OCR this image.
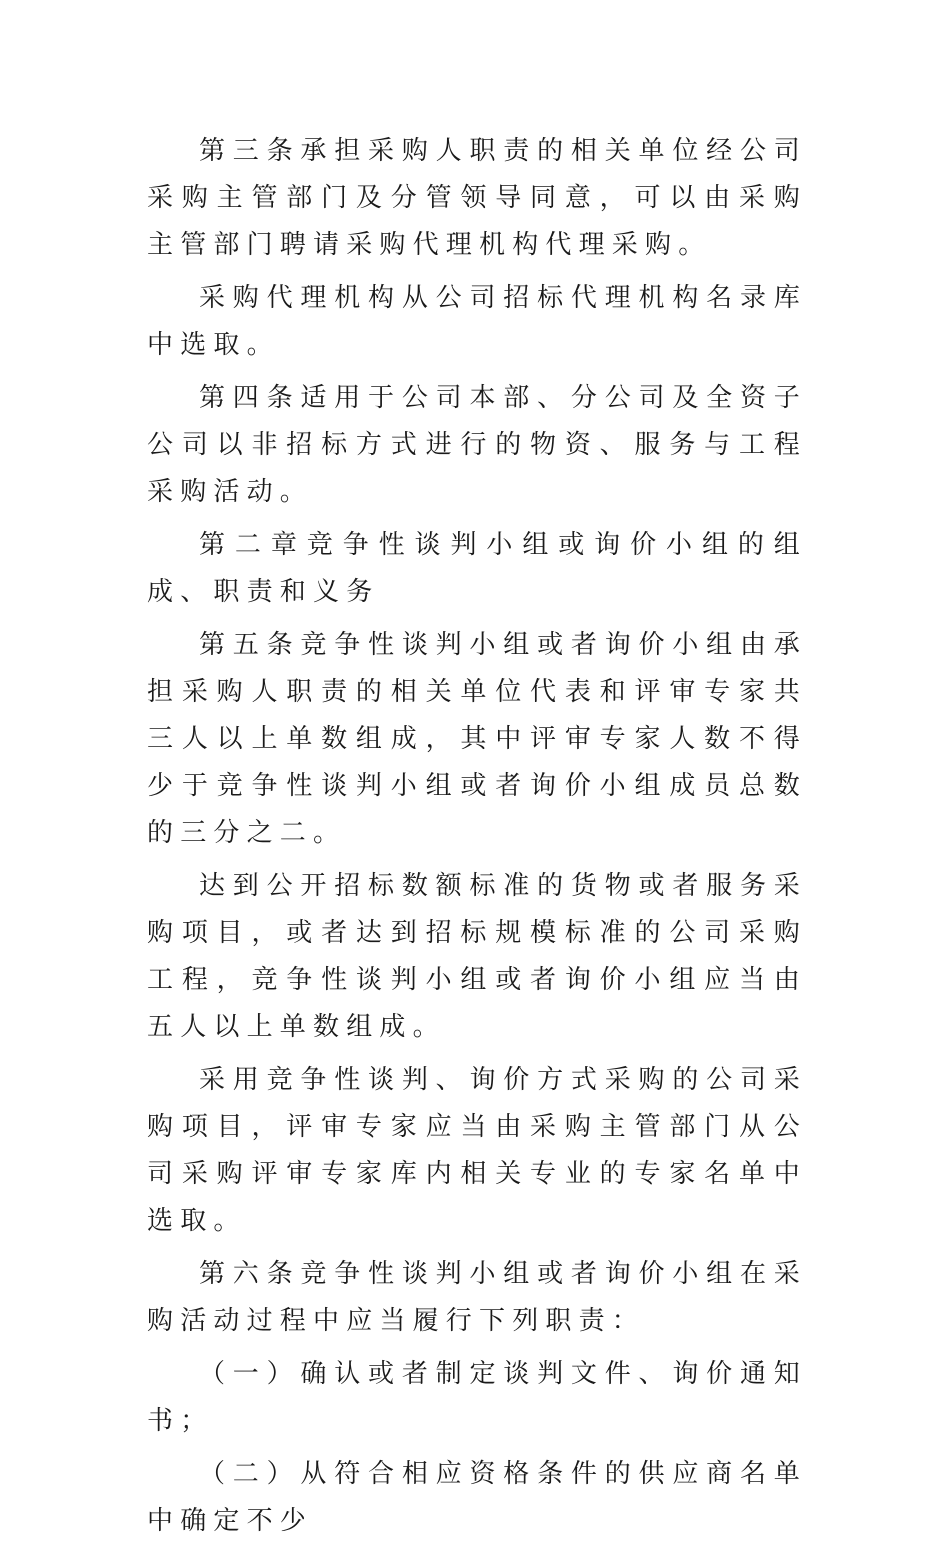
第三条承担采购人职责的相关单位经公司采购主管部门及分管领导同意，可以由采购主管部门聘请采购代理机构代理采购。

采购代理机构从公司招标代理机构名录库中选取。

第四条适用于公司本部、分公司及全资子公司以非招标方式进行的物资、服务与工程采购活动。

第二章竞争性谈判小组或询价小组的组成、职责和义务

第五条竞争性谈判小组或者询价小组由承担采购人职责的相关单位代表和评审专家共三人以上单数组成，其中评审专家人数不得少于竞争性谈判小组或者询价小组成员总数的三分之二。

达到公开招标数额标准的货物或者服务采购项目，或者达到招标规模标准的公司采购工程，竞争性谈判小组或者询价小组应当由五人以上单数组成。

采用竞争性谈判、询价方式采购的公司采购项目，评审专家应当由采购主管部门从公司采购评审专家库内相关专业的专家名单中选取。

第六条竞争性谈判小组或者询价小组在采购活动过程中应当履行下列职责：

（一）确认或者制定谈判文件、询价通知书；

（二）从符合相应资格条件的供应商名单中确定不少
